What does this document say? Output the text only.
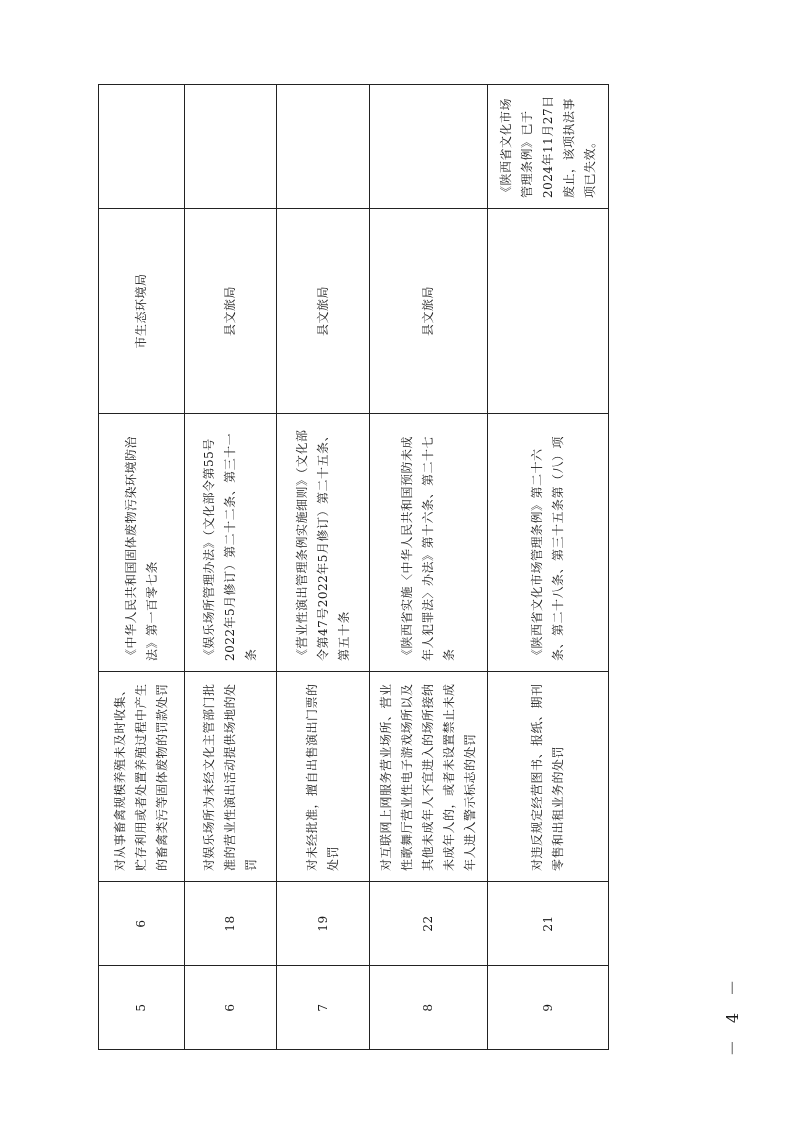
5	6	对从事畜禽规模养殖未及时收集、贮存利用或者处置养殖过程中产生的畜禽类污等固体废物的罚款处罚	《中华人民共和国固体废物污染环境防治法》第一百零七条	市生态环境局	
6	18	对娱乐场所为未经文化主管部门批准的营业性演出活动提供场地的处罚	《娱乐场所管理办法》（文化部令第55号2022年5月修订）第二十二条、第三十一条	县文旅局	
7	19	对未经批准，擅自出售演出门票的处罚	《营业性演出管理条例实施细则》（文化部令第47号2022年5月修订）第二十五条、第五十条	县文旅局	
8	22	对互联网上网服务营业场所、营业性歌舞厅营业性电子游戏场所以及其他未成年人不宜进入的场所接纳未成年人的，或者未设置禁止未成年人进入警示标志的处罚	《陕西省实施〈中华人民共和国预防未成年人犯罪法〉办法》第十六条、第二十七条	县文旅局	
9	21	对违反规定经营图书、报纸、期刊零售和出租业务的处罚	《陕西省文化市场管理条例》第二十六条、第二十八条、第三十五条第（八）项		《陕西省文化市场管理条例》已于2024年11月27日废止，该项执法事项已失效。
－ 4 －
